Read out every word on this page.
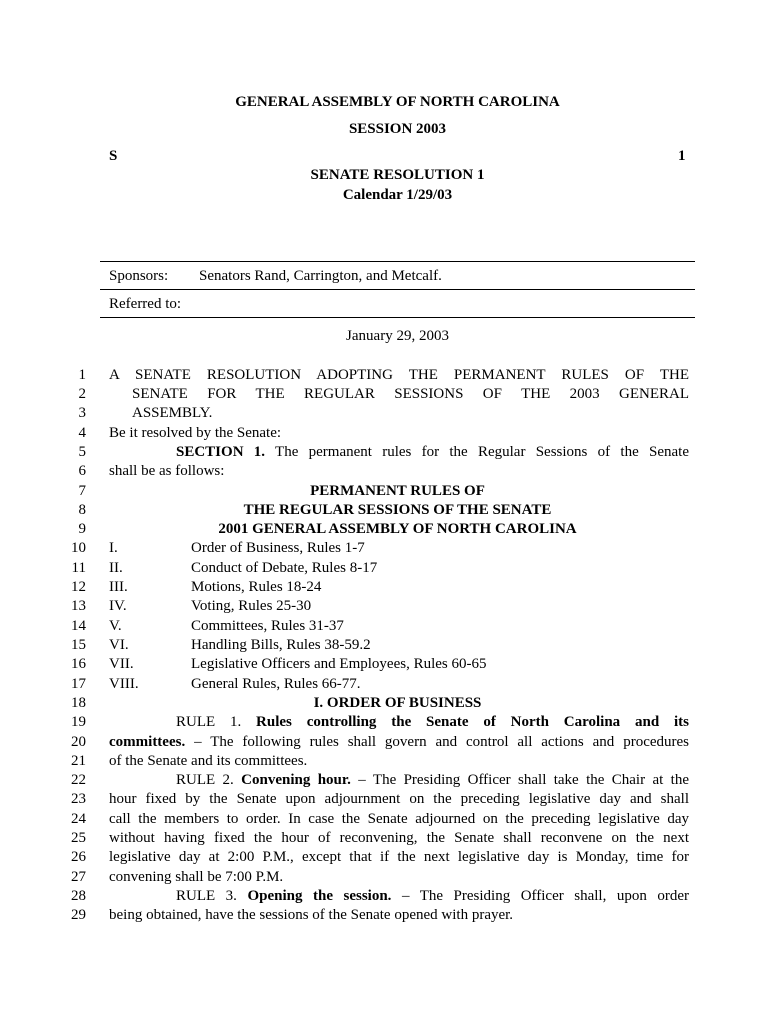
GENERAL ASSEMBLY OF NORTH CAROLINA
SESSION 2003
S	1
SENATE RESOLUTION 1
Calendar 1/29/03
Sponsors: Senators Rand, Carrington, and Metcalf.
Referred to:
January 29, 2003
1
2
3
4
5
6
7
8
9
10
11
12
13
14
15
16
17
18
19
20
21
22
23
24
25
26
27
28
29
A SENATE RESOLUTION ADOPTING THE PERMANENT RULES OF THE
SENATE FOR THE REGULAR SESSIONS OF THE 2003 GENERAL
ASSEMBLY.
Be it resolved by the Senate:
SECTION 1. The permanent rules for the Regular Sessions of the Senate
shall be as follows:
PERMANENT RULES OF
THE REGULAR SESSIONS OF THE SENATE
2001 GENERAL ASSEMBLY OF NORTH CAROLINA
I.	Order of Business, Rules 1-7
II.	Conduct of Debate, Rules 8-17
III.	Motions, Rules 18-24
IV.	Voting, Rules 25-30
V.	Committees, Rules 31-37
VI.	Handling Bills, Rules 38-59.2
VII.	Legislative Officers and Employees, Rules 60-65
VIII.	General Rules, Rules 66-77.
I. ORDER OF BUSINESS
RULE 1. Rules controlling the Senate of North Carolina and its
committees. – The following rules shall govern and control all actions and procedures
of the Senate and its committees.
RULE 2. Convening hour. – The Presiding Officer shall take the Chair at the
hour fixed by the Senate upon adjournment on the preceding legislative day and shall
call the members to order. In case the Senate adjourned on the preceding legislative day
without having fixed the hour of reconvening, the Senate shall reconvene on the next
legislative day at 2:00 P.M., except that if the next legislative day is Monday, time for
convening shall be 7:00 P.M.
RULE 3. Opening the session. – The Presiding Officer shall, upon order
being obtained, have the sessions of the Senate opened with prayer.
